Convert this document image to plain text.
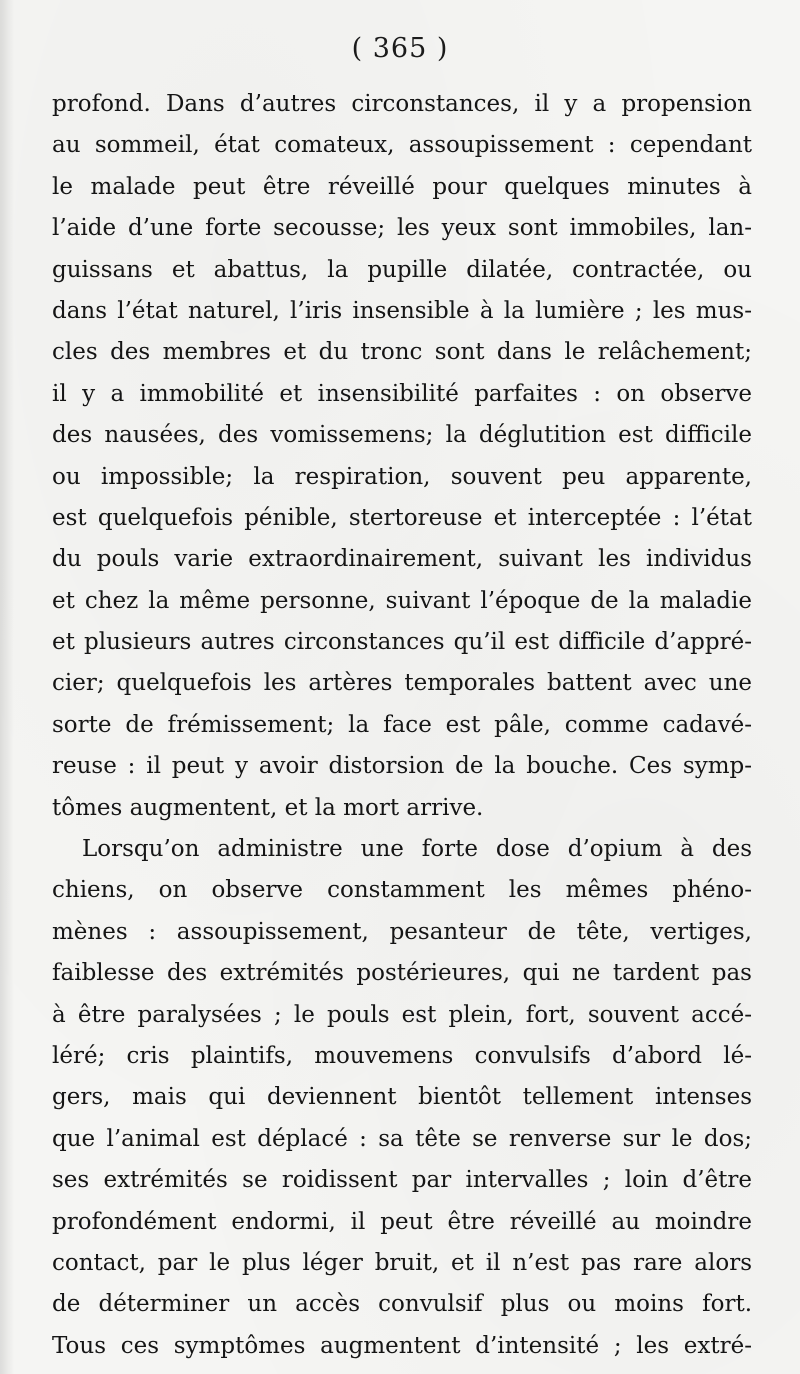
( 365 )
profond. Dans d’autres circonstances, il y a propension
au sommeil, état comateux, assoupissement : cependant
le malade peut être réveillé pour quelques minutes à
l’aide d’une forte secousse; les yeux sont immobiles, lan-
guissans et abattus, la pupille dilatée, contractée, ou
dans l’état naturel, l’iris insensible à la lumière ; les mus-
cles des membres et du tronc sont dans le relâchement;
il y a immobilité et insensibilité parfaites : on observe
des nausées, des vomissemens; la déglutition est difficile
ou impossible; la respiration, souvent peu apparente,
est quelquefois pénible, stertoreuse et interceptée : l’état
du pouls varie extraordinairement, suivant les individus
et chez la même personne, suivant l’époque de la maladie
et plusieurs autres circonstances qu’il est difficile d’appré-
cier; quelquefois les artères temporales battent avec une
sorte de frémissement; la face est pâle, comme cadavé-
reuse : il peut y avoir distorsion de la bouche. Ces symp-
tômes augmentent, et la mort arrive.
Lorsqu’on administre une forte dose d’opium à des
chiens, on observe constamment les mêmes phéno-
mènes : assoupissement, pesanteur de tête, vertiges,
faiblesse des extrémités postérieures, qui ne tardent pas
à être paralysées ; le pouls est plein, fort, souvent accé-
léré; cris plaintifs, mouvemens convulsifs d’abord lé-
gers, mais qui deviennent bientôt tellement intenses
que l’animal est déplacé : sa tête se renverse sur le dos;
ses extrémités se roidissent par intervalles ; loin d’être
profondément endormi, il peut être réveillé au moindre
contact, par le plus léger bruit, et il n’est pas rare alors
de déterminer un accès convulsif plus ou moins fort.
Tous ces symptômes augmentent d’intensité ; les extré-
